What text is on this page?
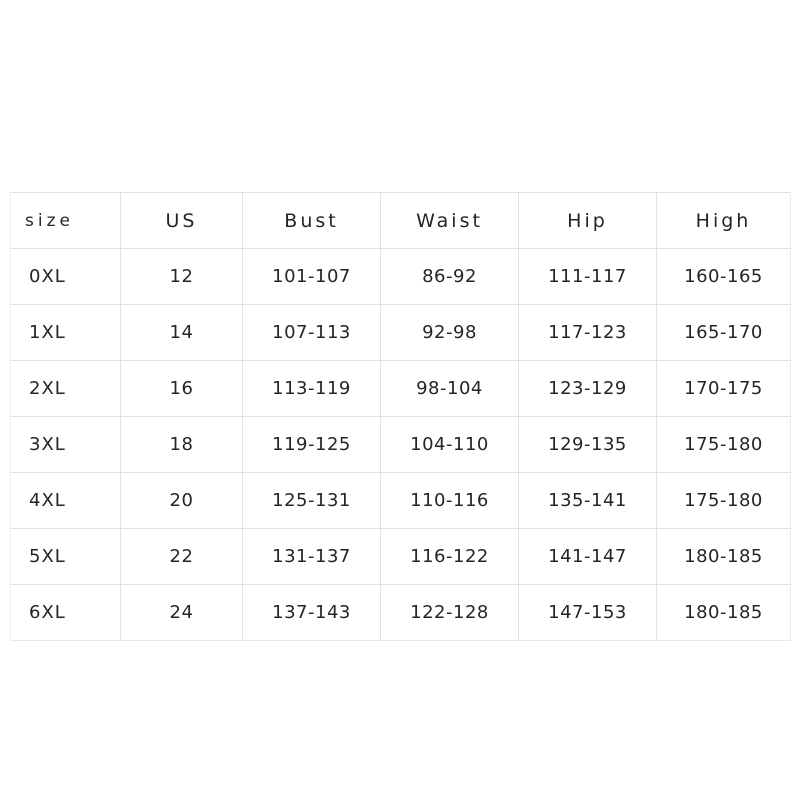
size	US	Bust	Waist	Hip	High
0XL	12	101-107	86-92	111-117	160-165
1XL	14	107-113	92-98	117-123	165-170
2XL	16	113-119	98-104	123-129	170-175
3XL	18	119-125	104-110	129-135	175-180
4XL	20	125-131	110-116	135-141	175-180
5XL	22	131-137	116-122	141-147	180-185
6XL	24	137-143	122-128	147-153	180-185
